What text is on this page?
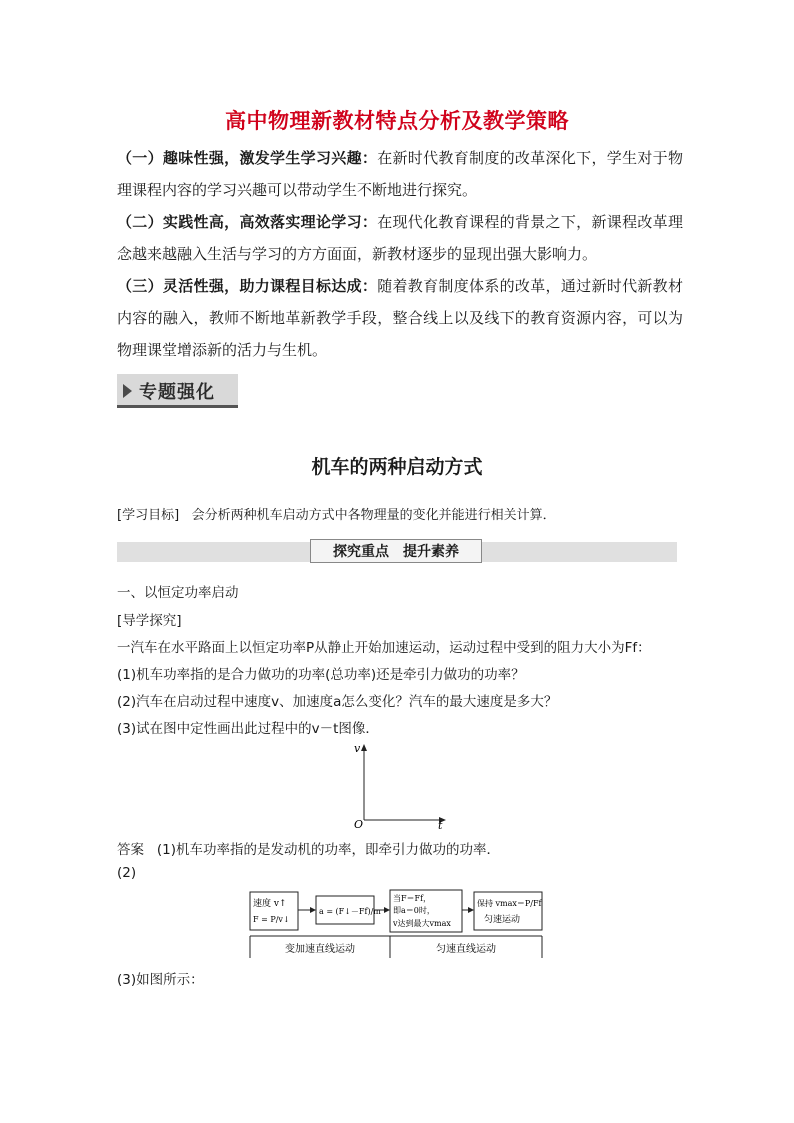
高中物理新教材特点分析及教学策略
（一）趣味性强，激发学生学习兴趣：在新时代教育制度的改革深化下，学生对于物理课程内容的学习兴趣可以带动学生不断地进行探究。
（二）实践性高，高效落实理论学习：在现代化教育课程的背景之下，新课程改革理念越来越融入生活与学习的方方面面，新教材逐步的显现出强大影响力。
（三）灵活性强，助力课程目标达成：随着教育制度体系的改革，通过新时代新教材内容的融入，教师不断地革新教学手段，整合线上以及线下的教育资源内容，可以为物理课堂增添新的活力与生机。
专题强化
机车的两种启动方式
[学习目标] 会分析两种机车启动方式中各物理量的变化并能进行相关计算．
探究重点 提升素养
一、以恒定功率启动
[导学探究]
一汽车在水平路面上以恒定功率P从静止开始加速运动，运动过程中受到的阻力大小为Ff：
(1)机车功率指的是合力做功的功率(总功率)还是牵引力做功的功率？
(2)汽车在启动过程中速度v、加速度a怎么变化？汽车的最大速度是多大？
(3)试在图中定性画出此过程中的v－t图像．
v
t
O
答案 (1)机车功率指的是发动机的功率，即牵引力做功的功率．
(2)
速度 v↑
F = P/v↓
a = (F↓－Ff)/m
当F＝Ff，
即a＝0时，
v达到最大vmax
保持 vmax＝P/Ff
匀速运动
变加速直线运动	匀速直线运动
(3)如图所示：
